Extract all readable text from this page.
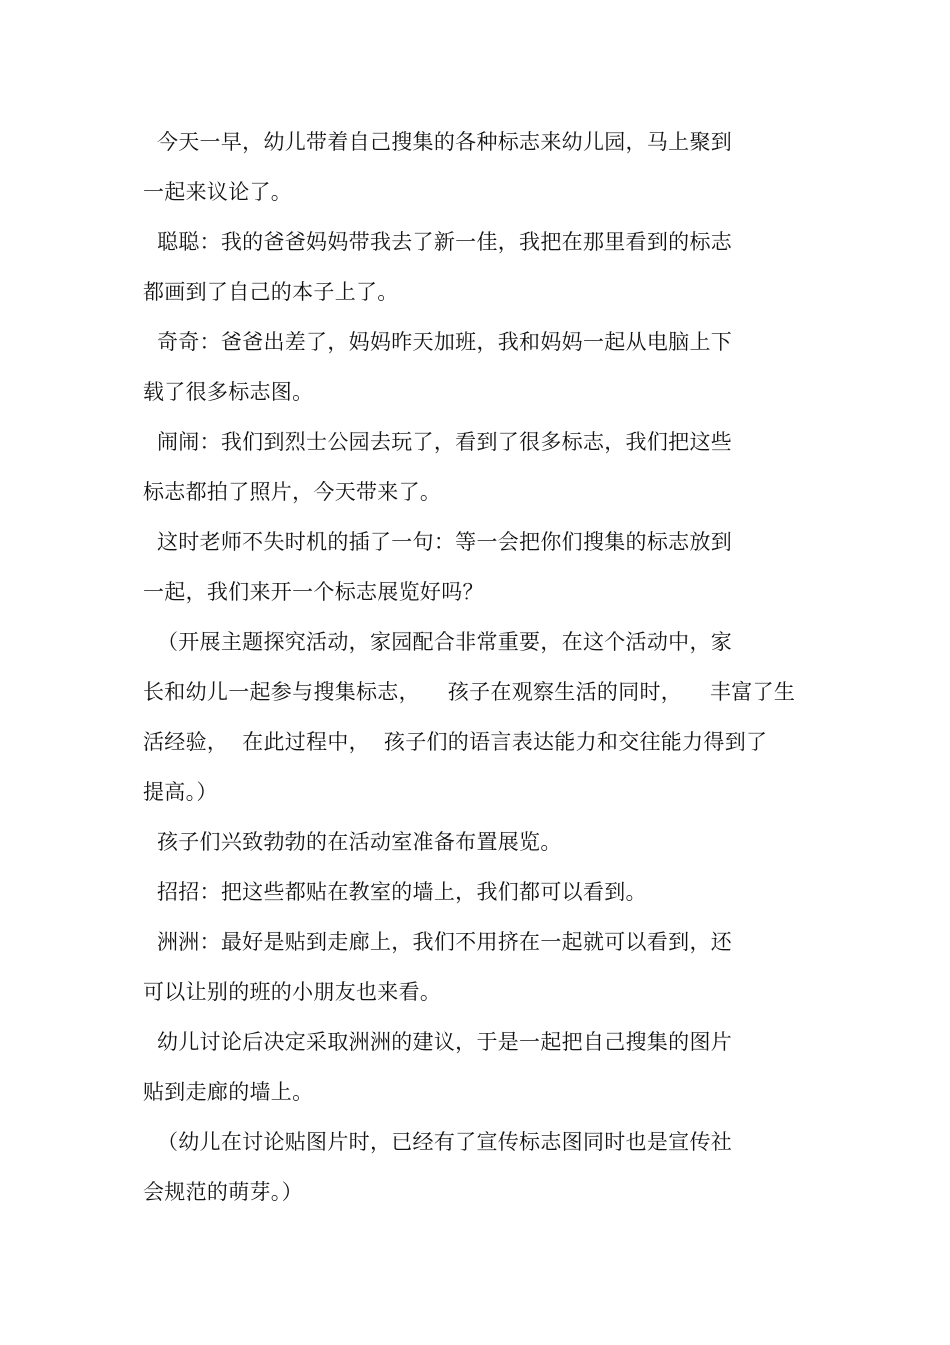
今天一早，幼儿带着自己搜集的各种标志来幼儿园，马上聚到
一起来议论了。
聪聪：我的爸爸妈妈带我去了新一佳，我把在那里看到的标志
都画到了自己的本子上了。
奇奇：爸爸出差了，妈妈昨天加班，我和妈妈一起从电脑上下
载了很多标志图。
闹闹：我们到烈士公园去玩了，看到了很多标志，我们把这些
标志都拍了照片，今天带来了。
这时老师不失时机的插了一句：等一会把你们搜集的标志放到
一起，我们来开一个标志展览好吗？
（开展主题探究活动，家园配合非常重要，在这个活动中，家
长和幼儿一起参与搜集标志，    孩子在观察生活的同时，    丰富了生
活经验，  在此过程中，  孩子们的语言表达能力和交往能力得到了
提高。）
孩子们兴致勃勃的在活动室准备布置展览。
招招：把这些都贴在教室的墙上，我们都可以看到。
洲洲：最好是贴到走廊上，我们不用挤在一起就可以看到，还
可以让别的班的小朋友也来看。
幼儿讨论后决定采取洲洲的建议，于是一起把自己搜集的图片
贴到走廊的墙上。
（幼儿在讨论贴图片时，已经有了宣传标志图同时也是宣传社
会规范的萌芽。）
